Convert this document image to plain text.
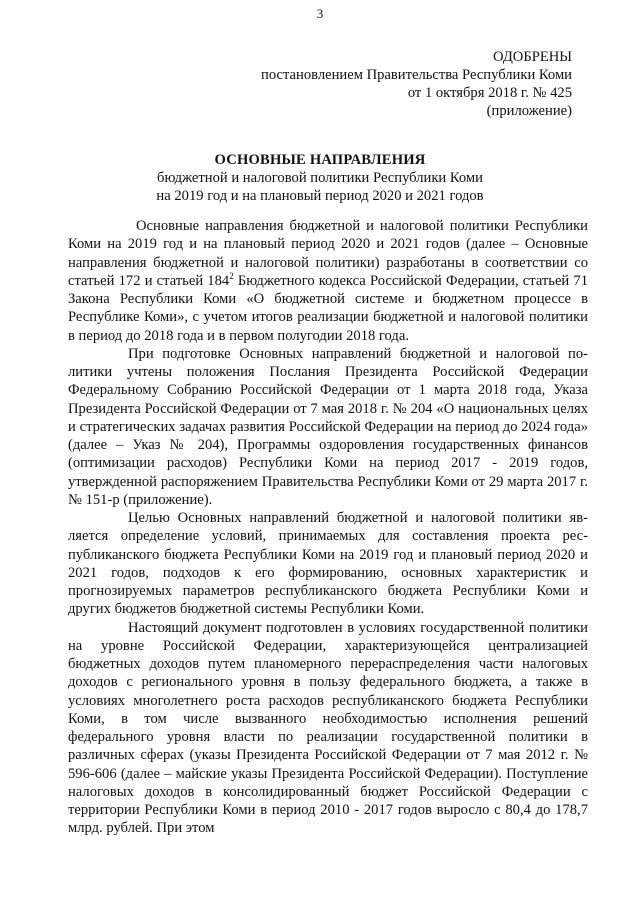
3
ОДОБРЕНЫ
постановлением Правительства Республики Коми
от 1 октября 2018 г. № 425
(приложение)
ОСНОВНЫЕ НАПРАВЛЕНИЯ
бюджетной и налоговой политики Республики Коми
на 2019 год и на плановый период 2020 и 2021 годов

Основные направления бюджетной и налоговой политики Республики Коми на 2019 год и на плановый период 2020 и 2021 годов (далее – Основные направления бюджетной и налоговой политики) разработаны в соответствии со статьей 172 и статьей $184^2$ Бюджетного кодекса Российской Федерации, статьей 71 Закона Республики Коми «О бюджетной системе и бюджетном процессе в Республике Коми», с учетом итогов реализации бюджетной и налоговой политики в период до 2018 года и в первом полугодии 2018 года.

При подготовке Основных направлений бюджетной и налоговой политики учтены положения Послания Президента Российской Федерации Федеральному Собранию Российской Федерации от 1 марта 2018 года, Указа Президента Российской Федерации от 7 мая 2018 г. № 204 «О национальных целях и стратегических задачах развития Российской Федерации на период до 2024 года» (далее – Указ № 204), Программы оздоровления государственных финансов (оптимизации расходов) Республики Коми на период 2017 - 2019 годов, утвержденной распоряжением Правительства Республики Коми от 29 марта 2017 г. № 151-р (приложение).

Целью Основных направлений бюджетной и налоговой политики является определение условий, принимаемых для составления проекта республиканского бюджета Республики Коми на 2019 год и плановый период 2020 и 2021 годов, подходов к его формированию, основных характеристик и прогнозируемых параметров республиканского бюджета Республики Коми и других бюджетов бюджетной системы Республики Коми.

Настоящий документ подготовлен в условиях государственной политики на уровне Российской Федерации, характеризующейся централизацией бюджетных доходов путем планомерного перераспределения части налоговых доходов с регионального уровня в пользу федерального бюджета, а также в условиях многолетнего роста расходов республиканского бюджета Республики Коми, в том числе вызванного необходимостью исполнения решений федерального уровня власти по реализации государственной политики в различных сферах (указы Президента Российской Федерации от 7 мая 2012 г. № 596-606 (далее – майские указы Президента Российской Федерации). Поступление налоговых доходов в консолидированный бюджет Российской Федерации с территории Республики Коми в период 2010 - 2017 годов выросло с 80,4 до 178,7 млрд. рублей. При этом
